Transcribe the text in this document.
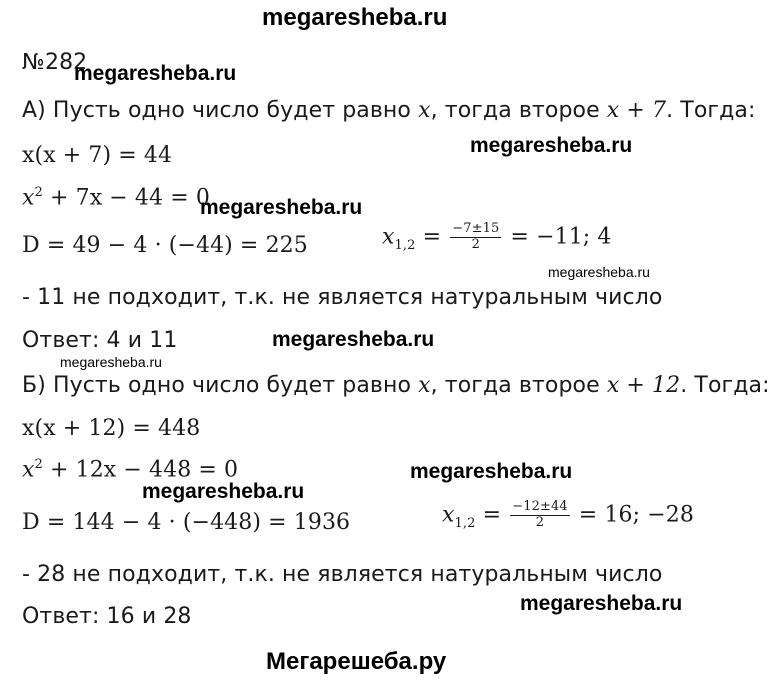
megaresheba.ru
№282
megaresheba.ru
А) Пусть одно число будет равно x, тогда второе x + 7. Тогда:
x(x + 7) = 44	megaresheba.ru
$x^2 + 7x - 44 = 0$
megaresheba.ru
D = 49 − 4 · (−44) = 225	$x_{1,2} = \frac{-7\pm 15}{2} = -11$; 4
megaresheba.ru
- 11 не подходит, т.к. не является натуральным число
Ответ: 4 и 11	megaresheba.ru
megaresheba.ru
Б) Пусть одно число будет равно x, тогда второе x + 12. Тогда:
x(x + 12) = 448
$x^2 + 12x - 448 = 0$	megaresheba.ru
megaresheba.ru
D = 144 − 4 · (−448) = 1936	$x_{1,2} = \frac{-12\pm 44}{2} = 16$; −28
- 28 не подходит, т.к. не является натуральным число
Ответ: 16 и 28
megaresheba.ru
Мегарешеба.ру
